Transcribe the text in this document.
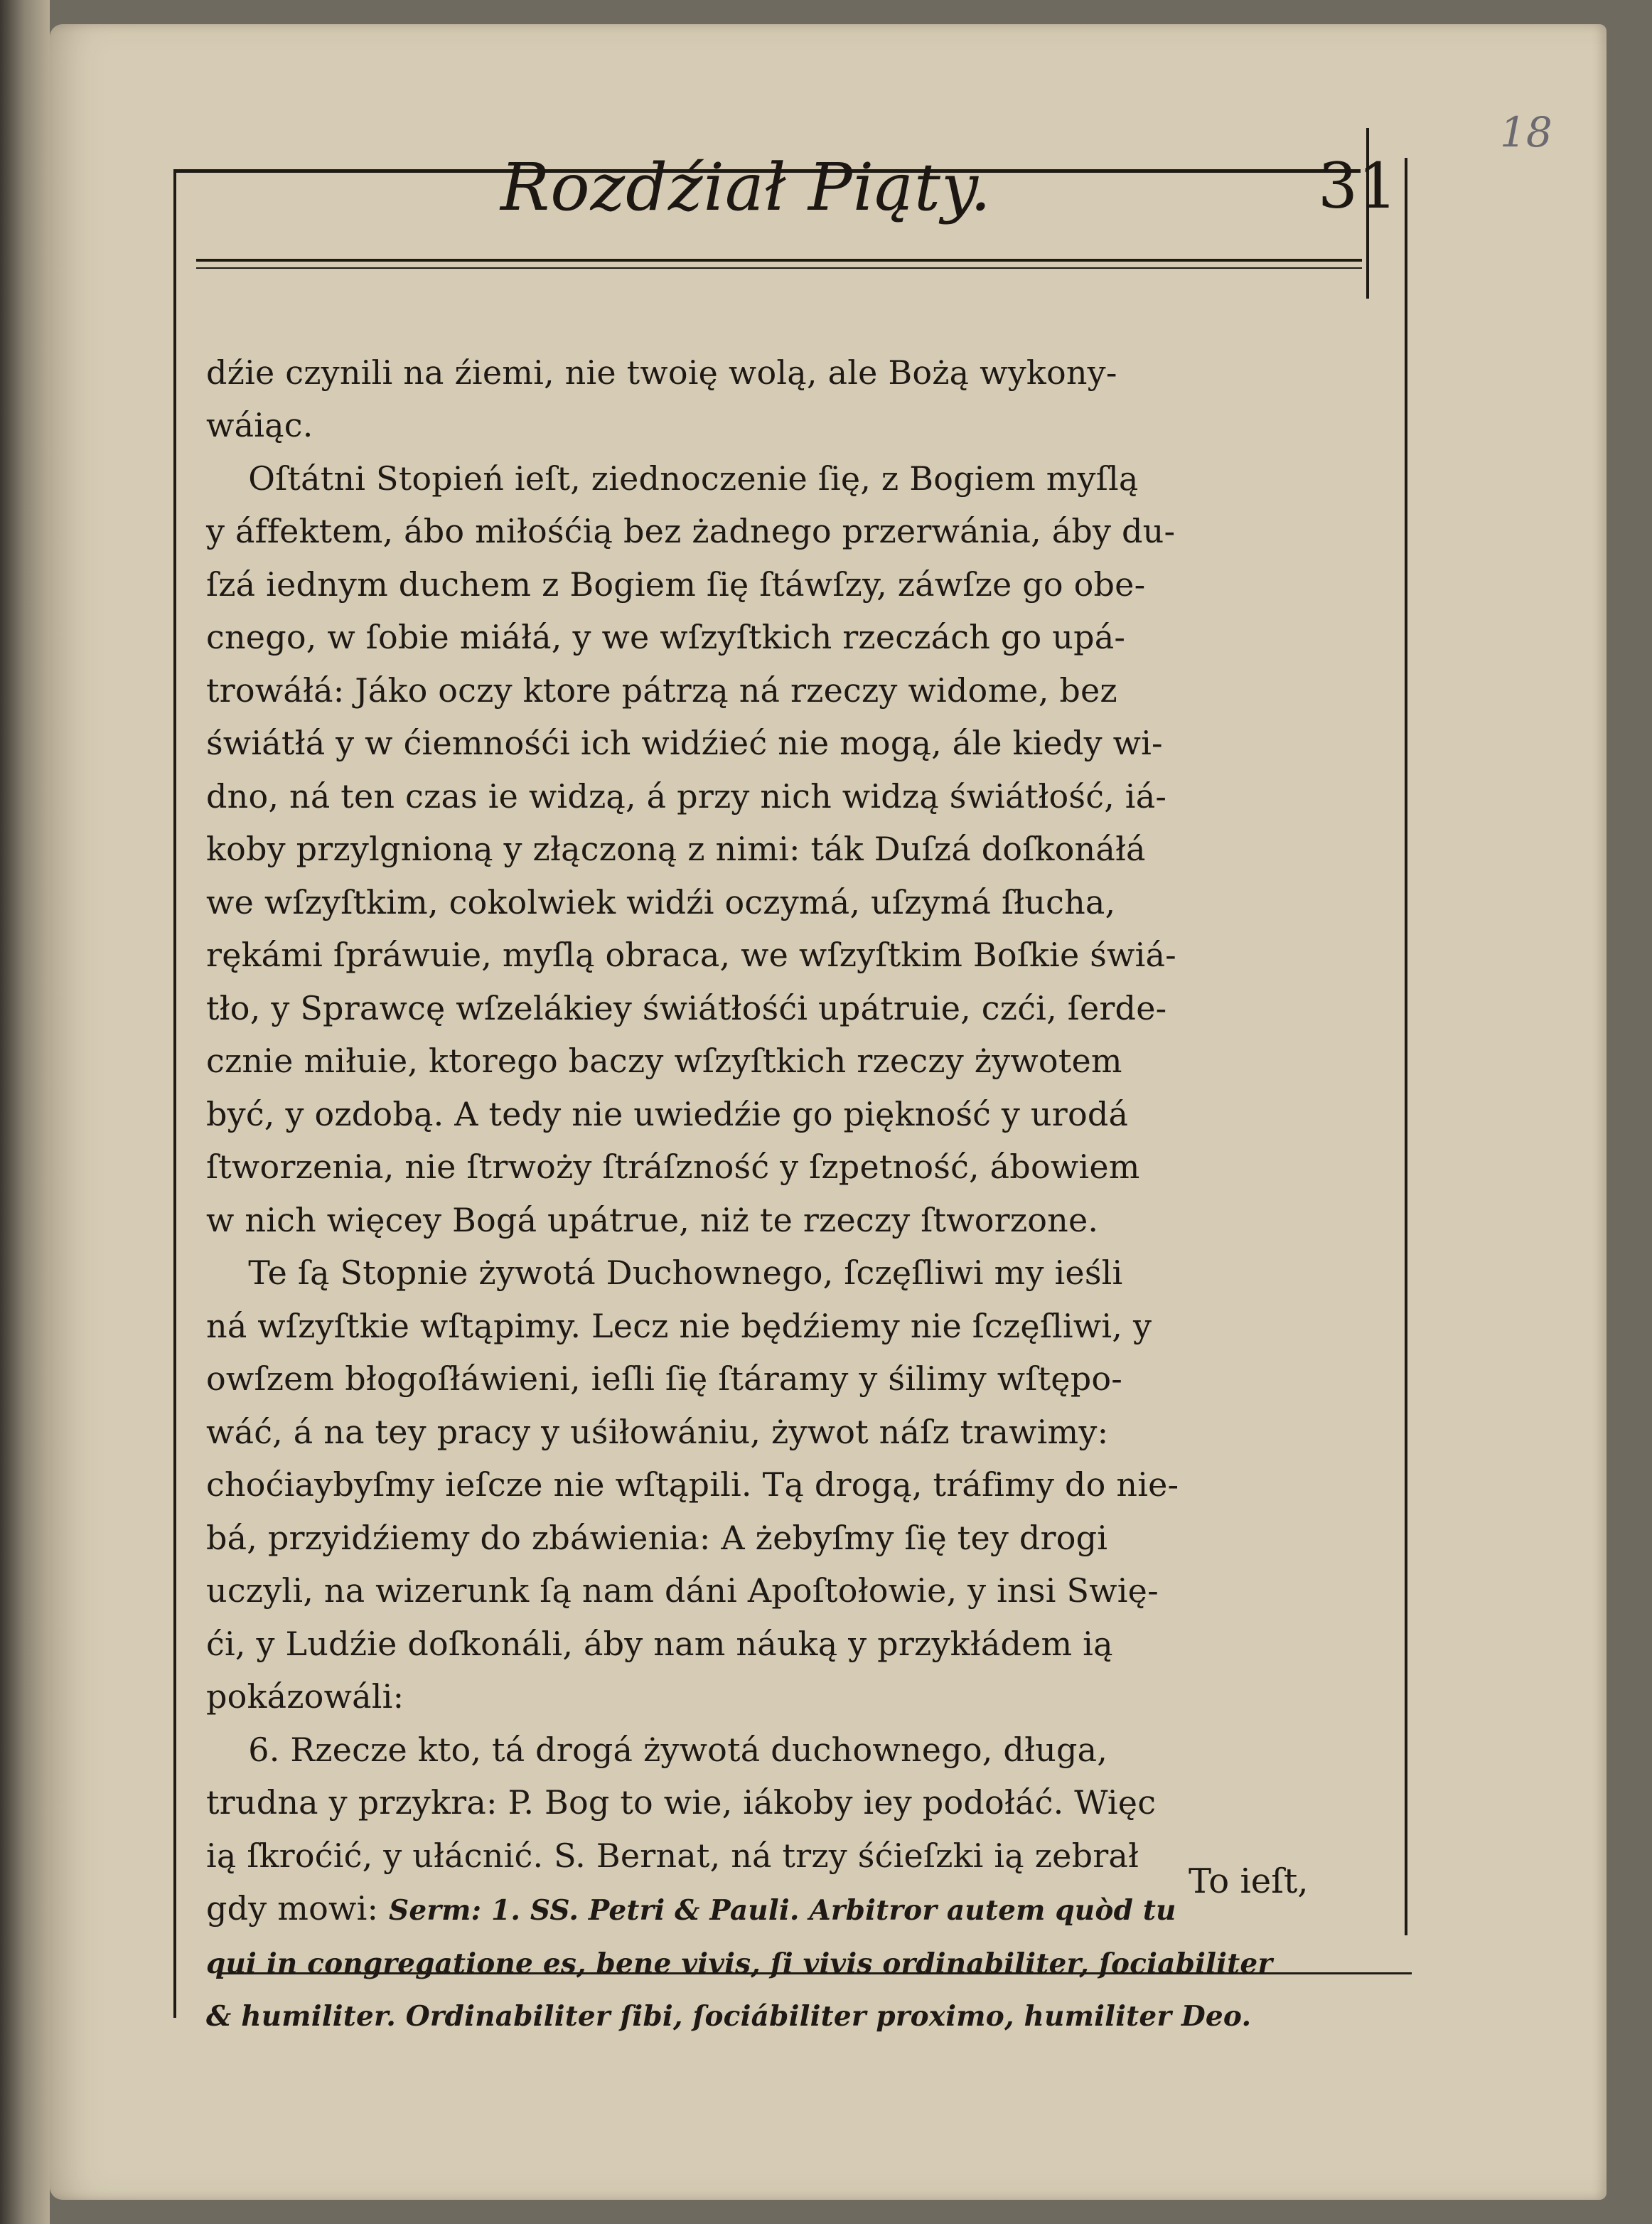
18
Rozdźiał Piąty.	31

dźie czynili na źiemi, nie twoię wolą, ale Bożą wykony-
wáiąc.
Oſtátni Stopień ieſt, ziednoczenie ſię, z Bogiem myſlą
y áffektem, ábo miłośćią bez żadnego przerwánia, áby du-
ſzá iednym duchem z Bogiem ſię ſtáwſzy, záwſze go obe-
cnego, w ſobie miáłá, y we wſzyſtkich rzeczách go upá-
trowáłá: Jáko oczy ktore pátrzą ná rzeczy widome, bez
świátłá y w ćiemnośći ich widźieć nie mogą, ále kiedy wi-
dno, ná ten czas ie widzą, á przy nich widzą świátłość, iá-
koby przylgnioną y złączoną z nimi: ták Duſzá doſkonáłá
we wſzyſtkim, cokolwiek widźi oczymá, uſzymá ſłucha,
rękámi ſpráwuie, myſlą obraca, we wſzyſtkim Boſkie świá-
tło, y Sprawcę wſzelákiey świátłośći upátruie, czći, ſerde-
cznie miłuie, ktorego baczy wſzyſtkich rzeczy żywotem
być, y ozdobą. A tedy nie uwiedźie go piękność y urodá
ſtworzenia, nie ſtrwoży ſtráſzność y ſzpetność, ábowiem
w nich więcey Bogá upátrue, niż te rzeczy ſtworzone.
Te ſą Stopnie żywotá Duchownego, ſczęſliwi my ieśli
ná wſzyſtkie wſtąpimy. Lecz nie będźiemy nie ſczęſliwi, y
owſzem błogoſłáwieni, ieſli ſię ſtáramy y śilimy wſtępo-
wáć, á na tey pracy y uśiłowániu, żywot náſz trawimy:
choćiaybyſmy ieſcze nie wſtąpili. Tą drogą, tráfimy do nie-
bá, przyidźiemy do zbáwienia: A żebyſmy ſię tey drogi
uczyli, na wizerunk ſą nam dáni Apoſtołowie, y insi Swię-
ći, y Ludźie doſkonáli, áby nam náuką y przykłádem ią
pokázowáli:
6. Rzecze kto, tá drogá żywotá duchownego, długa,
trudna y przykra: P. Bog to wie, iákoby iey podołáć. Więc
ią ſkroćić, y ułácnić. S. Bernat, ná trzy śćieſzki ią zebrał
gdy mowi: Serm: 1. SS. Petri & Pauli. Arbitror autem quòd tu
qui in congregatione es, bene vivis, ſi vivis ordinabiliter, ſociabiliter
& humiliter. Ordinabiliter ſibi, ſociábiliter proximo, humiliter Deo.

To ieſt,
